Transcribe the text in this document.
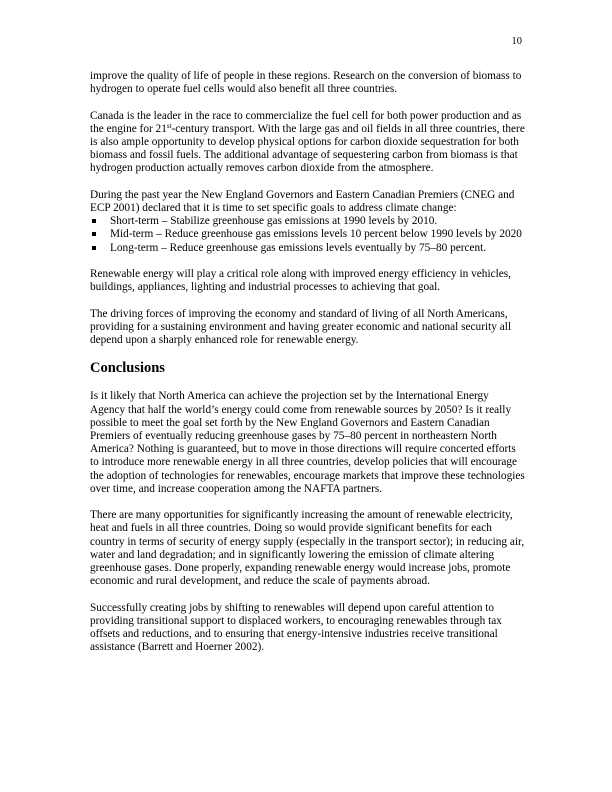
10

improve the quality of life of people in these regions. Research on the conversion of biomass to hydrogen to operate fuel cells would also benefit all three countries.

Canada is the leader in the race to commercialize the fuel cell for both power production and as the engine for 21st-century transport. With the large gas and oil fields in all three countries, there is also ample opportunity to develop physical options for carbon dioxide sequestration for both biomass and fossil fuels. The additional advantage of sequestering carbon from biomass is that hydrogen production actually removes carbon dioxide from the atmosphere.

During the past year the New England Governors and Eastern Canadian Premiers (CNEG and ECP 2001) declared that it is time to set specific goals to address climate change:

Short-term – Stabilize greenhouse gas emissions at 1990 levels by 2010.
Mid-term – Reduce greenhouse gas emissions levels 10 percent below 1990 levels by 2020
Long-term – Reduce greenhouse gas emissions levels eventually by 75–80 percent.

Renewable energy will play a critical role along with improved energy efficiency in vehicles, buildings, appliances, lighting and industrial processes to achieving that goal.

The driving forces of improving the economy and standard of living of all North Americans, providing for a sustaining environment and having greater economic and national security all depend upon a sharply enhanced role for renewable energy.

Conclusions

Is it likely that North America can achieve the projection set by the International Energy Agency that half the world’s energy could come from renewable sources by 2050? Is it really possible to meet the goal set forth by the New England Governors and Eastern Canadian Premiers of eventually reducing greenhouse gases by 75–80 percent in northeastern North America? Nothing is guaranteed, but to move in those directions will require concerted efforts to introduce more renewable energy in all three countries, develop policies that will encourage the adoption of technologies for renewables, encourage markets that improve these technologies over time, and increase cooperation among the NAFTA partners.

There are many opportunities for significantly increasing the amount of renewable electricity, heat and fuels in all three countries. Doing so would provide significant benefits for each country in terms of security of energy supply (especially in the transport sector); in reducing air, water and land degradation; and in significantly lowering the emission of climate altering greenhouse gases. Done properly, expanding renewable energy would increase jobs, promote economic and rural development, and reduce the scale of payments abroad.

Successfully creating jobs by shifting to renewables will depend upon careful attention to providing transitional support to displaced workers, to encouraging renewables through tax offsets and reductions, and to ensuring that energy-intensive industries receive transitional assistance (Barrett and Hoerner 2002).
